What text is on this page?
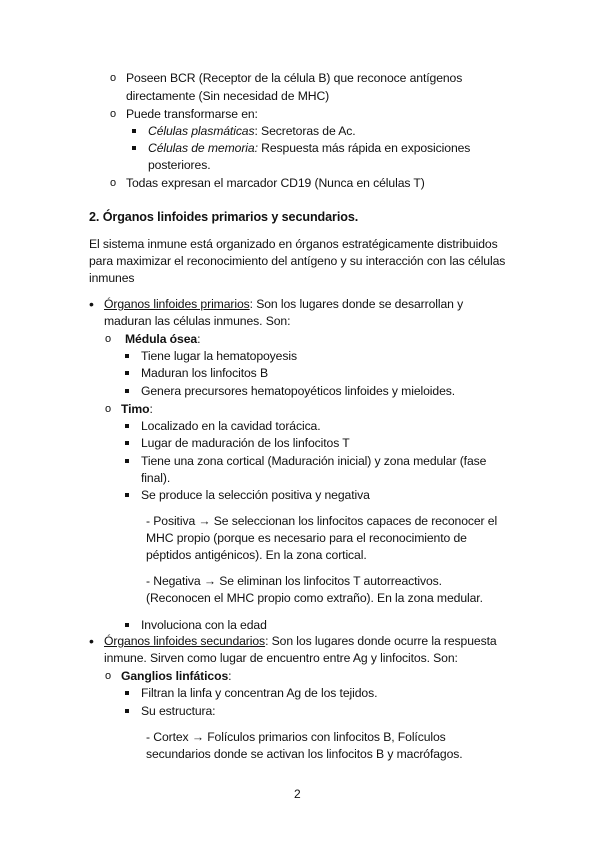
o Poseen BCR (Receptor de la célula B) que reconoce antígenos
directamente (Sin necesidad de MHC)
o Puede transformarse en:
Células plasmáticas: Secretoras de Ac.
Células de memoria: Respuesta más rápida en exposiciones
posteriores.
o Todas expresan el marcador CD19 (Nunca en células T)
2. Órganos linfoides primarios y secundarios.
El sistema inmune está organizado en órganos estratégicamente distribuidos
para maximizar el reconocimiento del antígeno y su interacción con las células
inmunes
• Órganos linfoides primarios: Son los lugares donde se desarrollan y
maduran las células inmunes. Son:
o Médula ósea:
Tiene lugar la hematopoyesis
Maduran los linfocitos B
Genera precursores hematopoyéticos linfoides y mieloides.
o Timo:
Localizado en la cavidad torácica.
Lugar de maduración de los linfocitos T
Tiene una zona cortical (Maduración inicial) y zona medular (fase
final).
Se produce la selección positiva y negativa
- Positiva → Se seleccionan los linfocitos capaces de reconocer el
MHC propio (porque es necesario para el reconocimiento de
péptidos antigénicos). En la zona cortical.
- Negativa → Se eliminan los linfocitos T autorreactivos.
(Reconocen el MHC propio como extraño). En la zona medular.
Involuciona con la edad
• Órganos linfoides secundarios: Son los lugares donde ocurre la respuesta
inmune. Sirven como lugar de encuentro entre Ag y linfocitos. Son:
o Ganglios linfáticos:
Filtran la linfa y concentran Ag de los tejidos.
Su estructura:
- Cortex → Folículos primarios con linfocitos B, Folículos
secundarios donde se activan los linfocitos B y macrófagos.
2
